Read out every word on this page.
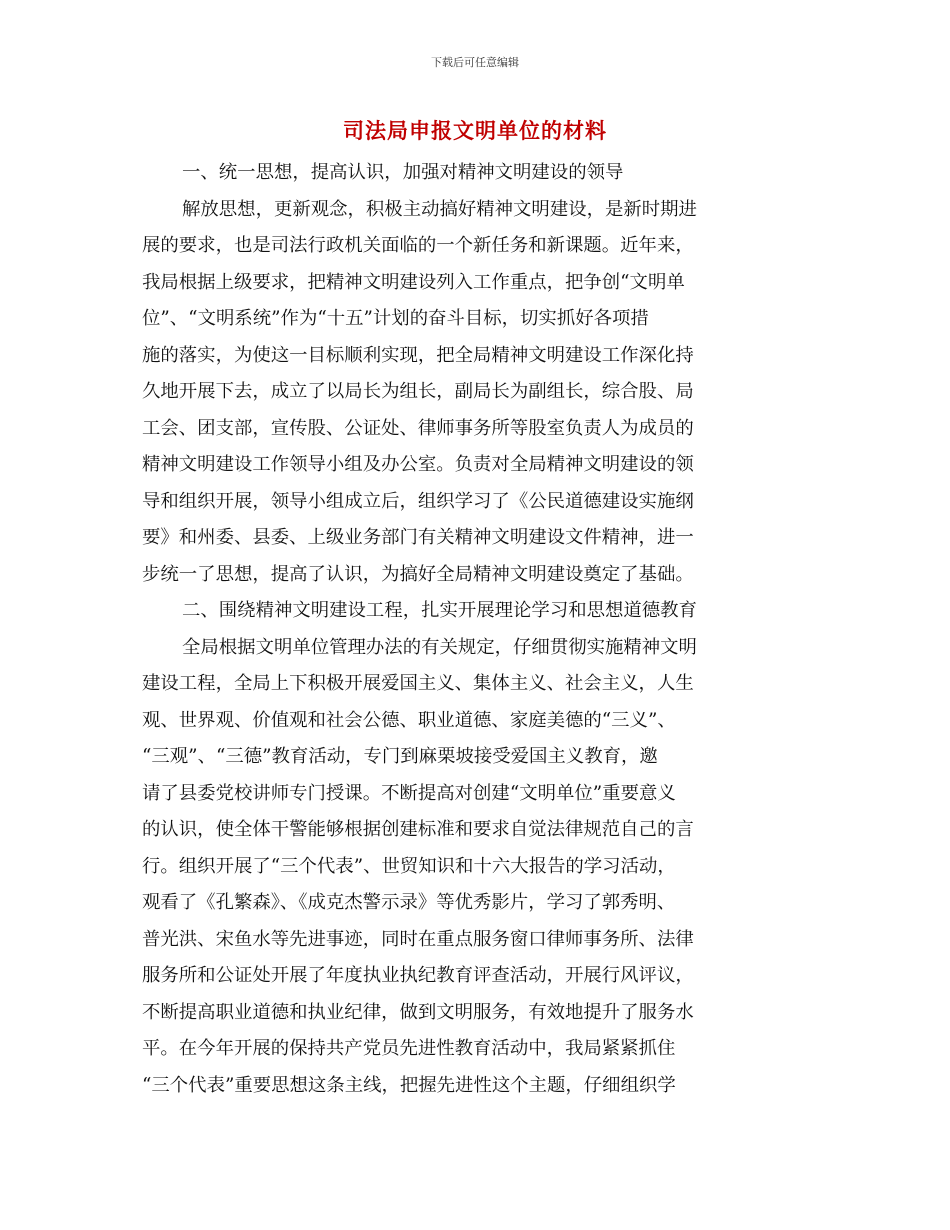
下载后可任意编辑
司法局申报文明单位的材料
一、统一思想，提高认识，加强对精神文明建设的领导
解放思想，更新观念，积极主动搞好精神文明建设，是新时期进
展的要求，也是司法行政机关面临的一个新任务和新课题。近年来，
我局根据上级要求，把精神文明建设列入工作重点，把争创“文明单
位”、“文明系统”作为“十五”计划的奋斗目标，切实抓好各项措
施的落实，为使这一目标顺利实现，把全局精神文明建设工作深化持
久地开展下去，成立了以局长为组长，副局长为副组长，综合股、局
工会、团支部，宣传股、公证处、律师事务所等股室负责人为成员的
精神文明建设工作领导小组及办公室。负责对全局精神文明建设的领
导和组织开展，领导小组成立后，组织学习了《公民道德建设实施纲
要》和州委、县委、上级业务部门有关精神文明建设文件精神，进一
步统一了思想，提高了认识，为搞好全局精神文明建设奠定了基础。
二、围绕精神文明建设工程，扎实开展理论学习和思想道德教育
全局根据文明单位管理办法的有关规定，仔细贯彻实施精神文明
建设工程，全局上下积极开展爱国主义、集体主义、社会主义，人生
观、世界观、价值观和社会公德、职业道德、家庭美德的“三义”、
“三观”、“三德”教育活动，专门到麻栗坡接受爱国主义教育，邀
请了县委党校讲师专门授课。不断提高对创建“文明单位”重要意义
的认识，使全体干警能够根据创建标准和要求自觉法律规范自己的言
行。组织开展了“三个代表”、世贸知识和十六大报告的学习活动，
观看了《孔繁森》、《成克杰警示录》等优秀影片，学习了郭秀明、
普光洪、宋鱼水等先进事迹，同时在重点服务窗口律师事务所、法律
服务所和公证处开展了年度执业执纪教育评查活动，开展行风评议，
不断提高职业道德和执业纪律，做到文明服务，有效地提升了服务水
平。在今年开展的保持共产党员先进性教育活动中，我局紧紧抓住
“三个代表”重要思想这条主线，把握先进性这个主题，仔细组织学
